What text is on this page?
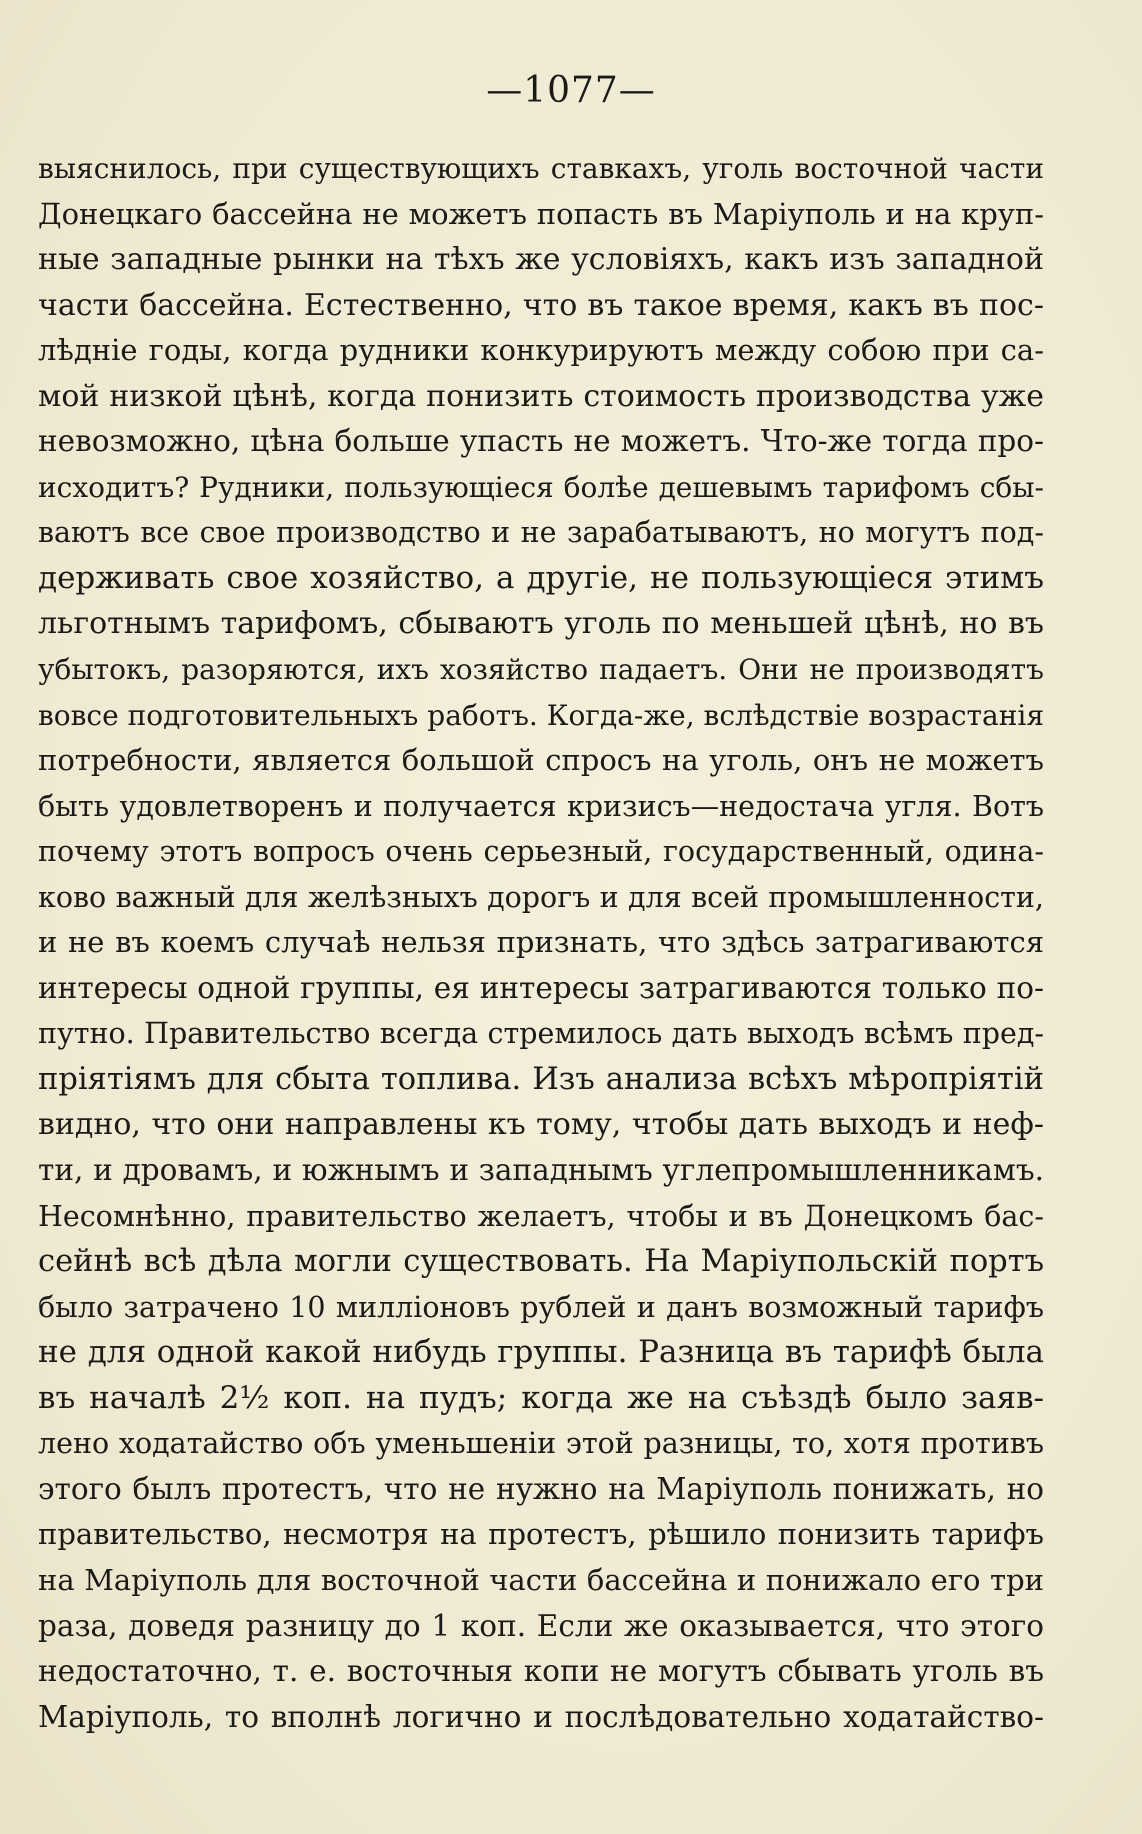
—1077—
выяснилось, при существующихъ ставкахъ, уголь восточной части
Донецкаго бассейна не можетъ попасть въ Маріуполь и на круп-
ные западные рынки на тѣхъ же условіяхъ, какъ изъ западной
части бассейна. Естественно, что въ такое время, какъ въ пос-
лѣдніе годы, когда рудники конкурируютъ между собою при са-
мой низкой цѣнѣ, когда понизить стоимость производства уже
невозможно, цѣна больше упасть не можетъ. Что-же тогда про-
исходитъ? Рудники, пользующіеся болѣе дешевымъ тарифомъ сбы-
ваютъ все свое производство и не зарабатываютъ, но могутъ под-
держивать свое хозяйство, а другіе, не пользующіеся этимъ
льготнымъ тарифомъ, сбываютъ уголь по меньшей цѣнѣ, но въ
убытокъ, разоряются, ихъ хозяйство падаетъ. Они не производятъ
вовсе подготовительныхъ работъ. Когда-же, вслѣдствіе возрастанія
потребности, является большой спросъ на уголь, онъ не можетъ
быть удовлетворенъ и получается кризисъ—недостача угля. Вотъ
почему этотъ вопросъ очень серьезный, государственный, одина-
ково важный для желѣзныхъ дорогъ и для всей промышленности,
и не въ коемъ случаѣ нельзя признать, что здѣсь затрагиваются
интересы одной группы, ея интересы затрагиваются только по-
путно. Правительство всегда стремилось дать выходъ всѣмъ пред-
пріятіямъ для сбыта топлива. Изъ анализа всѣхъ мѣропріятій
видно, что они направлены къ тому, чтобы дать выходъ и неф-
ти, и дровамъ, и южнымъ и западнымъ углепромышленникамъ.
Несомнѣнно, правительство желаетъ, чтобы и въ Донецкомъ бас-
сейнѣ всѣ дѣла могли существовать. На Маріупольскій портъ
было затрачено 10 милліоновъ рублей и данъ возможный тарифъ
не для одной какой нибудь группы. Разница въ тарифѣ была
въ началѣ 2½ коп. на пудъ; когда же на съѣздѣ было заяв-
лено ходатайство объ уменьшеніи этой разницы, то, хотя противъ
этого былъ протестъ, что не нужно на Маріуполь понижать, но
правительство, несмотря на протестъ, рѣшило понизить тарифъ
на Маріуполь для восточной части бассейна и понижало его три
раза, доведя разницу до 1 коп. Если же оказывается, что этого
недостаточно, т. е. восточныя копи не могутъ сбывать уголь въ
Маріуполь, то вполнѣ логично и послѣдовательно ходатайство-
